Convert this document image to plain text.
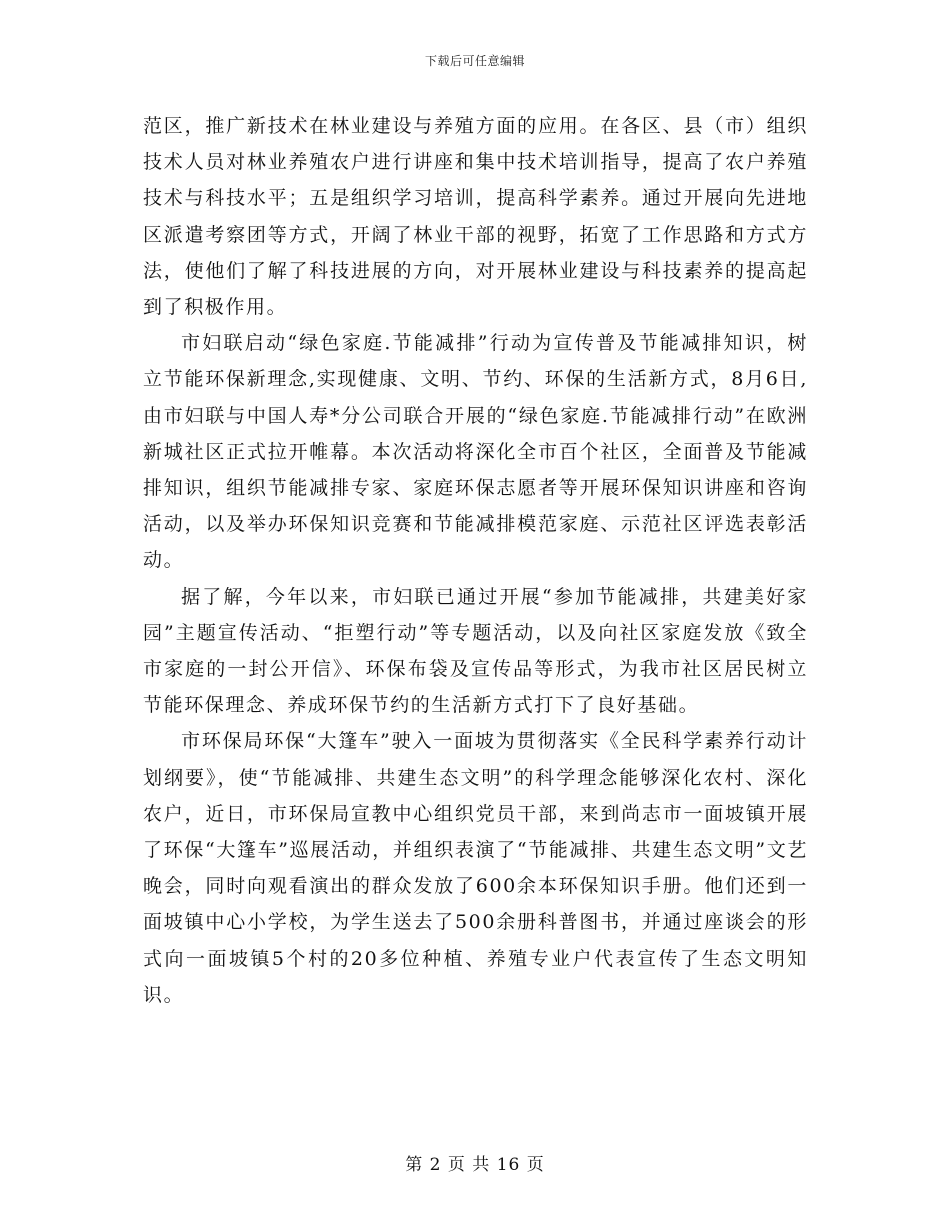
下载后可任意编辑

范区，推广新技术在林业建设与养殖方面的应用。在各区、县（市）组织技术人员对林业养殖农户进行讲座和集中技术培训指导，提高了农户养殖技术与科技水平；五是组织学习培训，提高科学素养。通过开展向先进地区派遣考察团等方式，开阔了林业干部的视野，拓宽了工作思路和方式方法，使他们了解了科技进展的方向，对开展林业建设与科技素养的提高起到了积极作用。

市妇联启动“绿色家庭.节能减排”行动为宣传普及节能减排知识，树立节能环保新理念,实现健康、文明、节约、环保的生活新方式，8月6日,由市妇联与中国人寿*分公司联合开展的“绿色家庭.节能减排行动”在欧洲新城社区正式拉开帷幕。本次活动将深化全市百个社区，全面普及节能减排知识，组织节能减排专家、家庭环保志愿者等开展环保知识讲座和咨询活动，以及举办环保知识竞赛和节能减排模范家庭、示范社区评选表彰活动。

据了解，今年以来，市妇联已通过开展“参加节能减排，共建美好家园”主题宣传活动、“拒塑行动”等专题活动，以及向社区家庭发放《致全市家庭的一封公开信》、环保布袋及宣传品等形式，为我市社区居民树立节能环保理念、养成环保节约的生活新方式打下了良好基础。

市环保局环保“大篷车”驶入一面坡为贯彻落实《全民科学素养行动计划纲要》，使“节能减排、共建生态文明”的科学理念能够深化农村、深化农户，近日，市环保局宣教中心组织党员干部，来到尚志市一面坡镇开展了环保“大篷车”巡展活动，并组织表演了“节能减排、共建生态文明”文艺晚会，同时向观看演出的群众发放了600余本环保知识手册。他们还到一面坡镇中心小学校，为学生送去了500余册科普图书，并通过座谈会的形式向一面坡镇5个村的20多位种植、养殖专业户代表宣传了生态文明知识。

第 2 页 共 16 页
